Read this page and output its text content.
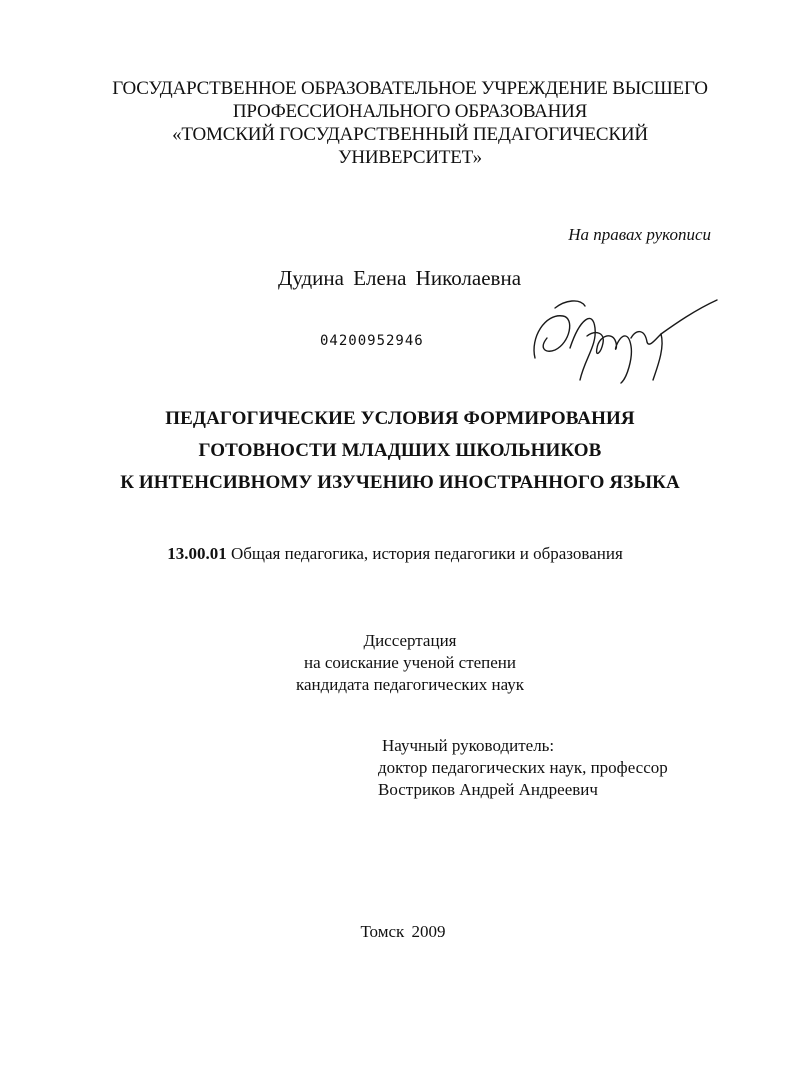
ГОСУДАРСТВЕННОЕ ОБРАЗОВАТЕЛЬНОЕ УЧРЕЖДЕНИЕ ВЫСШЕГО
ПРОФЕССИОНАЛЬНОГО ОБРАЗОВАНИЯ
«ТОМСКИЙ ГОСУДАРСТВЕННЫЙ ПЕДАГОГИЧЕСКИЙ
УНИВЕРСИТЕТ»
На правах рукописи
Дудина Елена Николаевна
04200952946
ПЕДАГОГИЧЕСКИЕ УСЛОВИЯ ФОРМИРОВАНИЯ
ГОТОВНОСТИ МЛАДШИХ ШКОЛЬНИКОВ
К ИНТЕНСИВНОМУ ИЗУЧЕНИЮ ИНОСТРАННОГО ЯЗЫКА
13.00.01 Общая педагогика, история педагогики и образования
Диссертация
на соискание ученой степени
кандидата педагогических наук
Научный руководитель:
доктор педагогических наук, профессор
Востриков Андрей Андреевич
Томск 2009
